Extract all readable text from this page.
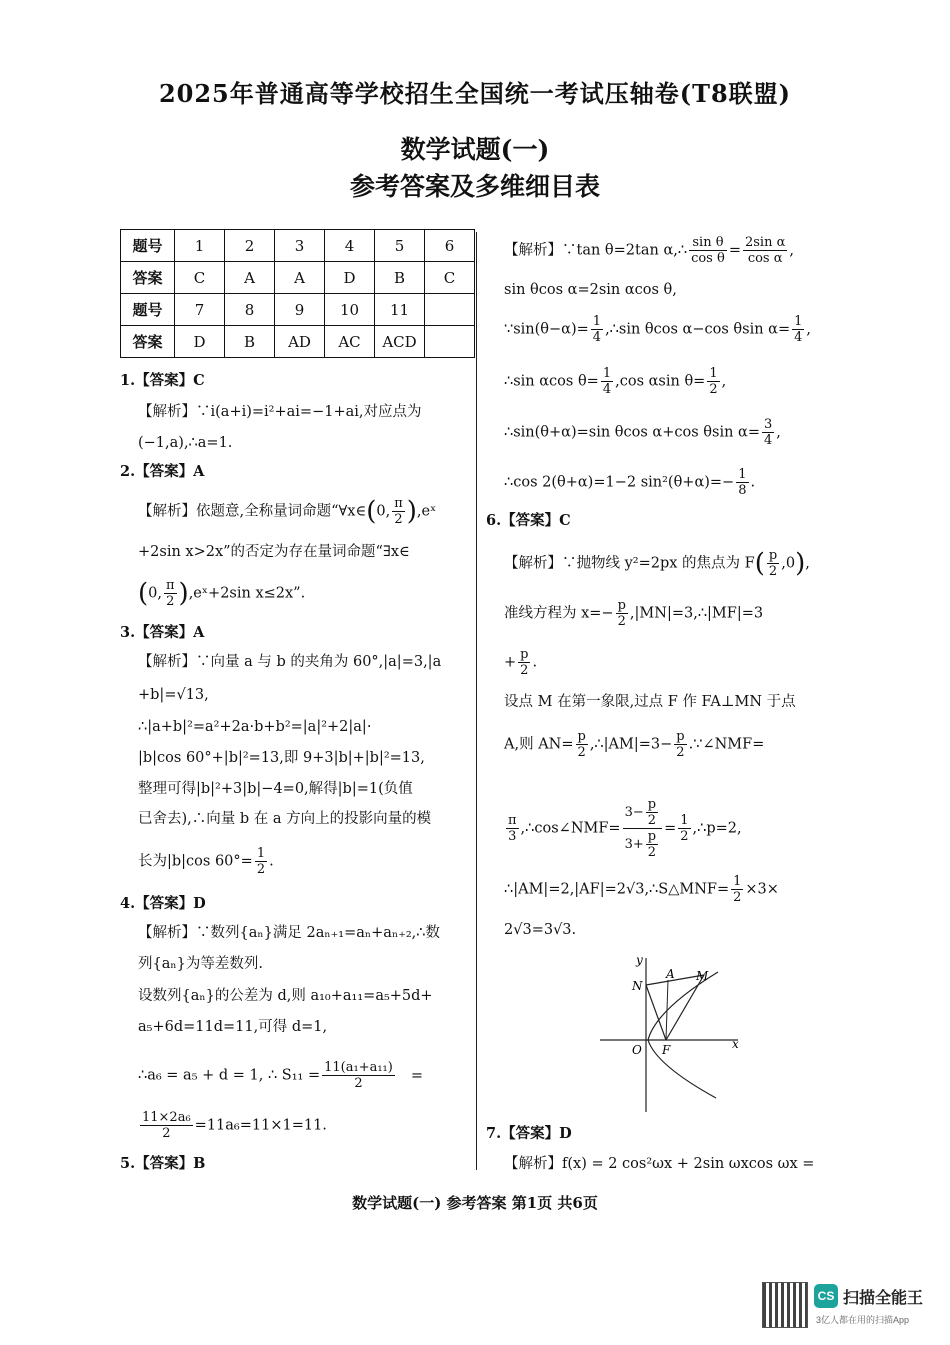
2025年普通高等学校招生全国统一考试压轴卷(T8联盟)
数学试题(一)
参考答案及多维细目表
题号	1	2	3	4	5	6
答案	C	A	A	D	B	C
题号	7	8	9	10	11	
答案	D	B	AD	AC	ACD	
1.【答案】C
【解析】∵i(a+i)=i²+ai=−1+ai,对应点为
(−1,a),∴a=1.
2.【答案】A
【解析】依题意,全称量词命题“∀x∈(0, $\frac{\pi}{2}$ ),eˣ
+2sin x>2x”的否定为存在量词命题“∃x∈
(0, $\frac{\pi}{2}$ ),eˣ+2sin x≤2x”.
3.【答案】A
【解析】∵向量 a 与 b 的夹角为 60°,|a|=3,|a
+b|=√13,
∴|a+b|²=a²+2a·b+b²=|a|²+2|a|·
|b|cos 60°+|b|²=13,即 9+3|b|+|b|²=13,
整理可得|b|²+3|b|−4=0,解得|b|=1(负值
已舍去),∴向量 b 在 a 方向上的投影向量的模
长为|b|cos $60^\circ= \frac{1}{2}$ .
4.【答案】D
【解析】∵数列{aₙ}满足 2aₙ₊₁=aₙ+aₙ₊₂,∴数
列{aₙ}为等差数列.
设数列{aₙ}的公差为 d,则 a₁₀+a₁₁=a₅+5d+
a₅+6d=11d=11,可得 d=1,
∴a₆ = a₅ + d = 1, ∴ $S_{11} = \frac{\text{11(a₁+a₁₁)}}{2}$ =
$\frac{\text{11×2a₆}}{2} =11a_6=11\times 1=11$.
5.【答案】B
【解析】∵tan θ=2tan α,∴ $\frac{\text{sin θ}}{\text{cos θ}} = \frac{\text{2sin α}}{\text{cos α}}$ ,
sin θcos α=2sin αcos θ,
∵sin(θ−α)= $\frac{1}{4}$ ,∴sin θcos α−cos θsin $\alpha= \frac{1}{4}$ ,
∴sin αcos $\theta= \frac{1}{4} ,\cos$ αsin $\theta= \frac{1}{2}$ ,
∴sin(θ+α)=sin θcos α+cos θsin $\alpha= \frac{3}{4}$ ,
∴cos 2(θ+α)=1−2 $\sin^2(\theta+\alpha)=- \frac{1}{8}$ .
6.【答案】C
【解析】∵抛物线 y²=2px 的焦点为 $F( \frac{p}{2} ,0)$,
准线方程为 $x=- \frac{p}{2}$ ,|MN|=3,∴|MF|=3
+ $\frac{p}{2}$ .
设点 M 在第一象限,过点 F 作 FA⊥MN 于点
A,则 $AN= \frac{p}{2}$ ,∴|AM|=3− $\frac{p}{2}$ .∵∠NMF=
$\frac{\pi}{3}$ ,∴cos∠NMF= $\frac{3- \frac{p}{2}}{3+ \frac{p}{2}} = \frac{1}{2}$ ,∴p=2,
∴|AM|=2,|AF|=2√3,∴S△MNF= $\frac{1}{2} \times 3\times$
2√3=3√3.
y
x
N
A M
O F
7.【答案】D
【解析】f(x) = 2 cos²ωx + 2sin ωxcos ωx =
数学试题(一) 参考答案 第1页 共6页
CS 扫描全能王
3亿人都在用的扫描App
